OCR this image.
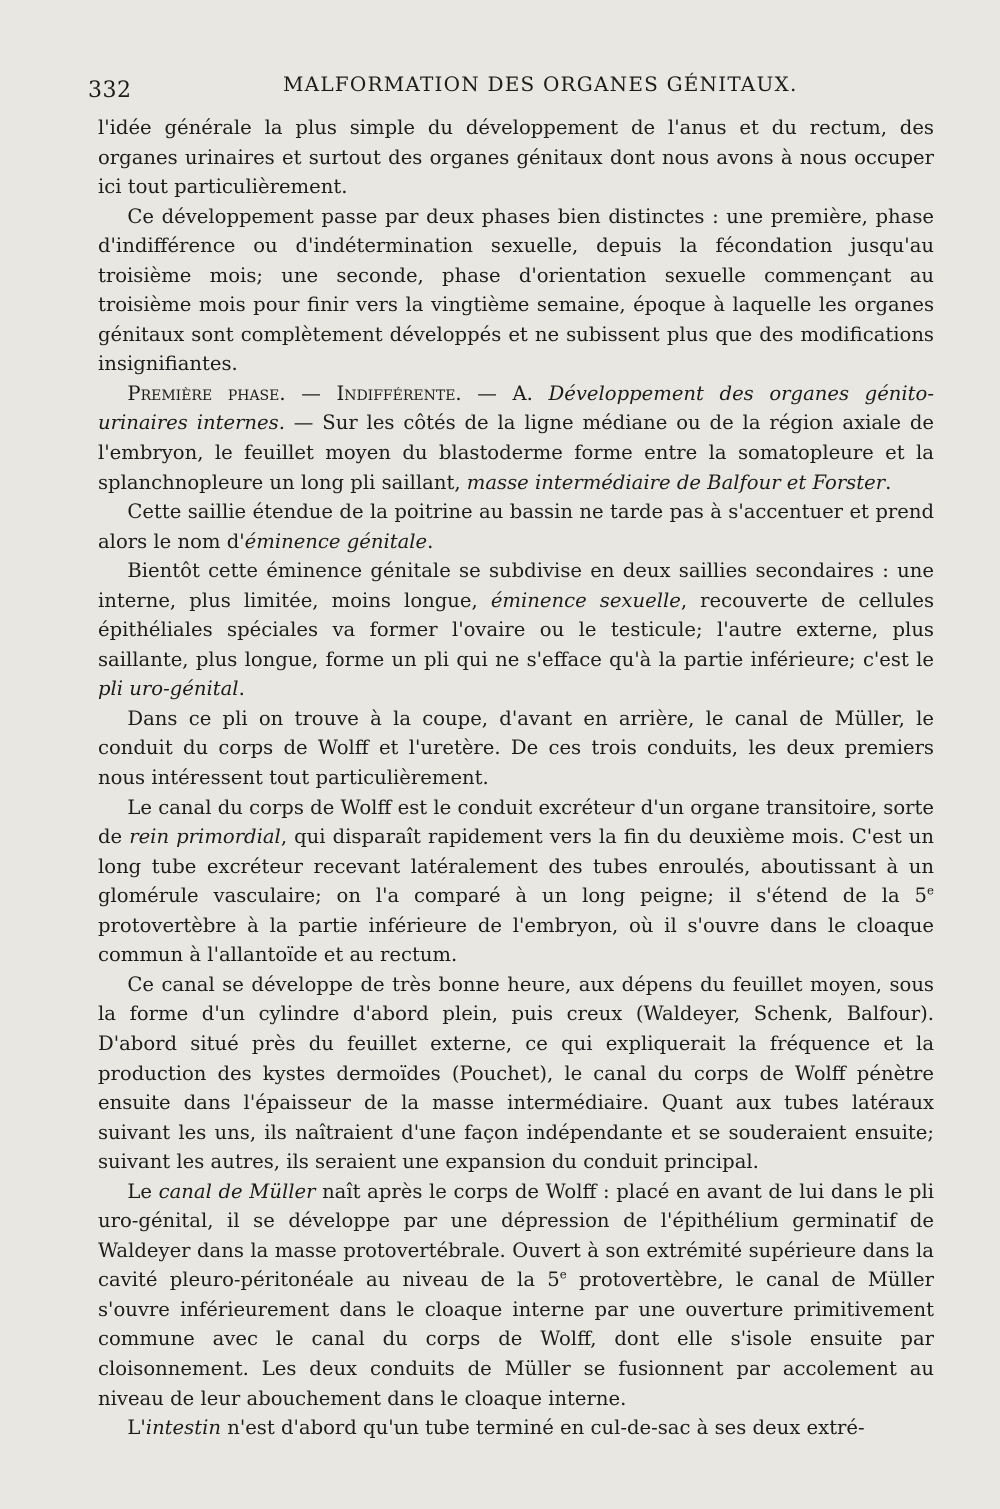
332	MALFORMATION DES ORGANES GÉNITAUX.

l'idée générale la plus simple du développement de l'anus et du rectum, des organes urinaires et surtout des organes génitaux dont nous avons à nous occuper ici tout particulièrement.

Ce développement passe par deux phases bien distinctes : une première, phase d'indifférence ou d'indétermination sexuelle, depuis la fécondation jusqu'au troisième mois; une seconde, phase d'orientation sexuelle commençant au troisième mois pour finir vers la vingtième semaine, époque à laquelle les organes génitaux sont complètement développés et ne subissent plus que des modifications insignifiantes.

Première phase. — Indifférente. — A. Développement des organes génito-urinaires internes. — Sur les côtés de la ligne médiane ou de la région axiale de l'embryon, le feuillet moyen du blastoderme forme entre la somatopleure et la splanchnopleure un long pli saillant, masse intermédiaire de Balfour et Forster.

Cette saillie étendue de la poitrine au bassin ne tarde pas à s'accentuer et prend alors le nom d'éminence génitale.

Bientôt cette éminence génitale se subdivise en deux saillies secondaires : une interne, plus limitée, moins longue, éminence sexuelle, recouverte de cellules épithéliales spéciales va former l'ovaire ou le testicule; l'autre externe, plus saillante, plus longue, forme un pli qui ne s'efface qu'à la partie inférieure; c'est le pli uro-génital.

Dans ce pli on trouve à la coupe, d'avant en arrière, le canal de Müller, le conduit du corps de Wolff et l'uretère. De ces trois conduits, les deux premiers nous intéressent tout particulièrement.

Le canal du corps de Wolff est le conduit excréteur d'un organe transitoire, sorte de rein primordial, qui disparaît rapidement vers la fin du deuxième mois. C'est un long tube excréteur recevant latéralement des tubes enroulés, aboutissant à un glomérule vasculaire; on l'a comparé à un long peigne; il s'étend de la 5e protovertèbre à la partie inférieure de l'embryon, où il s'ouvre dans le cloaque commun à l'allantoïde et au rectum.

Ce canal se développe de très bonne heure, aux dépens du feuillet moyen, sous la forme d'un cylindre d'abord plein, puis creux (Waldeyer, Schenk, Balfour). D'abord situé près du feuillet externe, ce qui expliquerait la fréquence et la production des kystes dermoïdes (Pouchet), le canal du corps de Wolff pénètre ensuite dans l'épaisseur de la masse intermédiaire. Quant aux tubes latéraux suivant les uns, ils naîtraient d'une façon indépendante et se souderaient ensuite; suivant les autres, ils seraient une expansion du conduit principal.

Le canal de Müller naît après le corps de Wolff : placé en avant de lui dans le pli uro-génital, il se développe par une dépression de l'épithélium germinatif de Waldeyer dans la masse protovertébrale. Ouvert à son extrémité supérieure dans la cavité pleuro-péritonéale au niveau de la 5e protovertèbre, le canal de Müller s'ouvre inférieurement dans le cloaque interne par une ouverture primitivement commune avec le canal du corps de Wolff, dont elle s'isole ensuite par cloisonnement. Les deux conduits de Müller se fusionnent par accolement au niveau de leur abouchement dans le cloaque interne.

L'intestin n'est d'abord qu'un tube terminé en cul-de-sac à ses deux extré-
